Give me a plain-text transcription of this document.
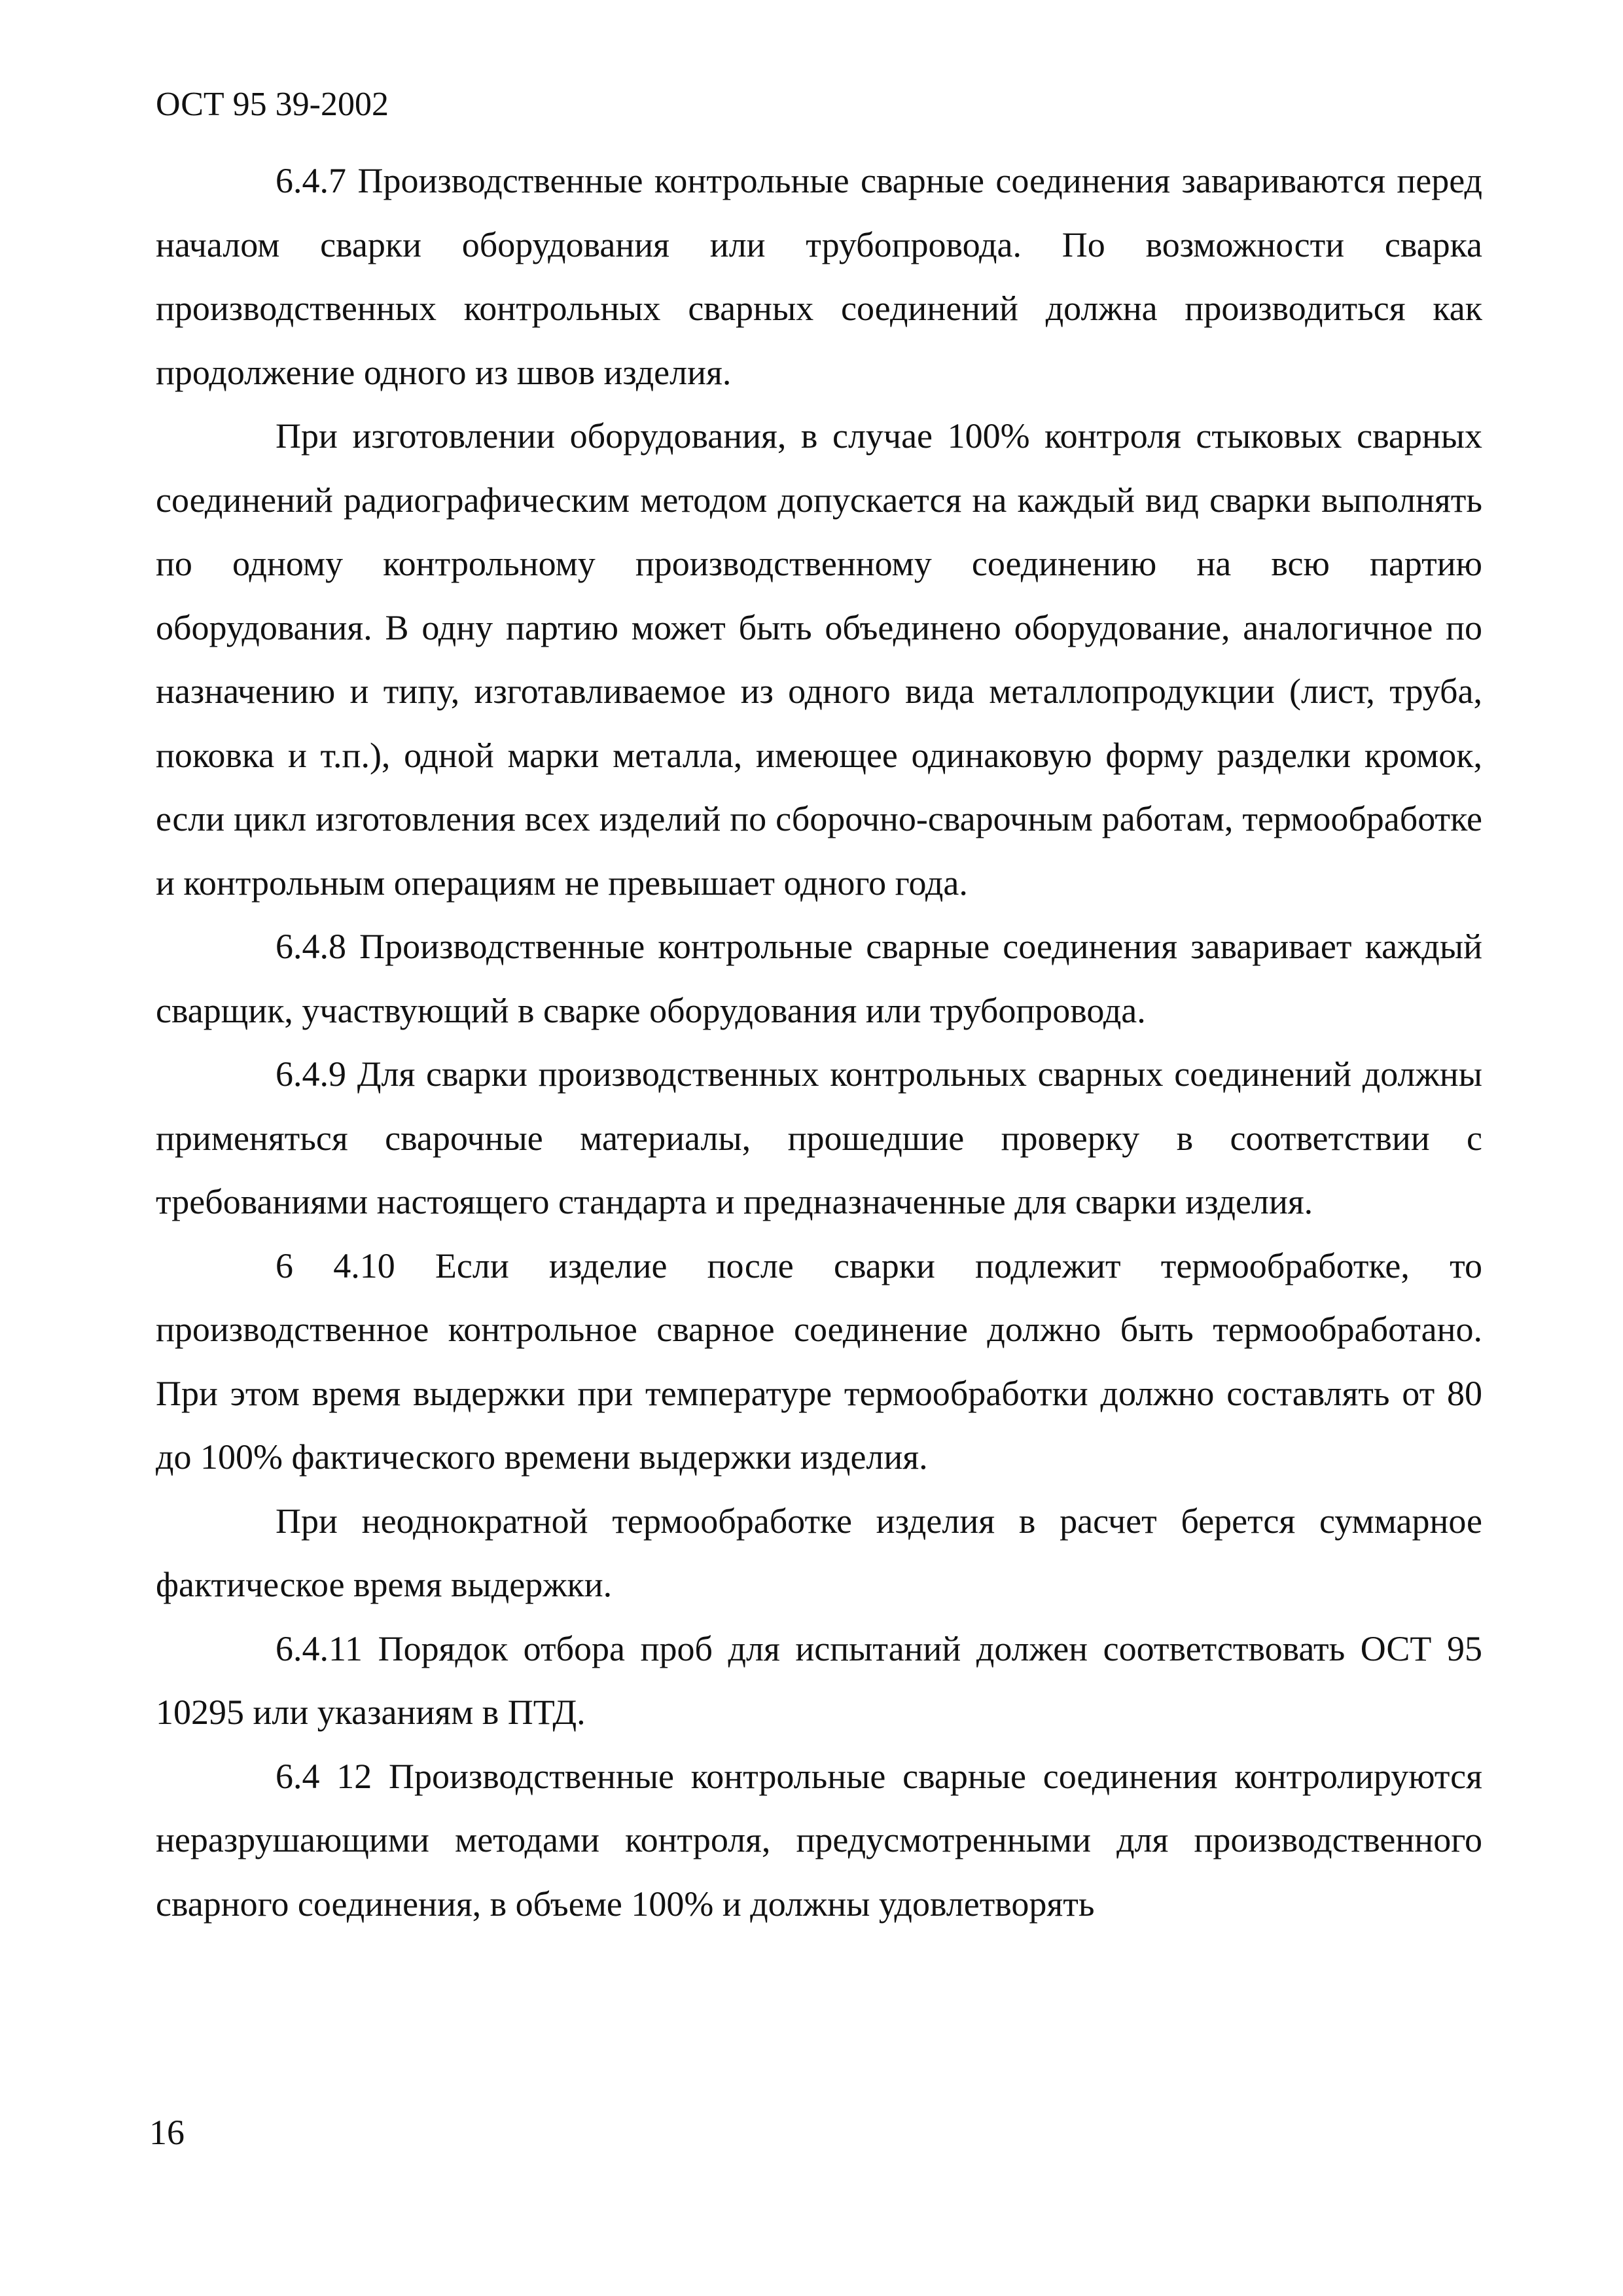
ОСТ 95 39-2002

6.4.7 Производственные контрольные сварные соединения завариваются перед началом сварки оборудования или трубопровода. По возможности сварка производственных контрольных сварных соединений должна производиться как продолжение одного из швов изделия.

При изготовлении оборудования, в случае 100% контроля стыковых сварных соединений радиографическим методом допускается на каждый вид сварки выполнять по одному контрольному производственному соединению на всю партию оборудования. В одну партию может быть объединено оборудование, аналогичное по назначению и типу, изготавливаемое из одного вида металлопродукции (лист, труба, поковка и т.п.), одной марки металла, имеющее одинаковую форму разделки кромок, если цикл изготовления всех изделий по сборочно-сварочным работам, термообработке и контрольным операциям не превышает одного года.

6.4.8 Производственные контрольные сварные соединения заваривает каждый сварщик, участвующий в сварке оборудования или трубопровода.

6.4.9 Для сварки производственных контрольных сварных соединений должны применяться сварочные материалы, прошедшие проверку в соответствии с требованиями настоящего стандарта и предназначенные для сварки изделия.

6 4.10 Если изделие после сварки подлежит термообработке, то производственное контрольное сварное соединение должно быть термообработано. При этом время выдержки при температуре термообработки должно составлять от 80 до 100% фактического времени выдержки изделия.

При неоднократной термообработке изделия в расчет берется суммарное фактическое время выдержки.

6.4.11 Порядок отбора проб для испытаний должен соответствовать ОСТ 95 10295 или указаниям в ПТД.

6.4 12 Производственные контрольные сварные соединения контролируются неразрушающими методами контроля, предусмотренными для производственного сварного соединения, в объеме 100% и должны удовлетворять

16
